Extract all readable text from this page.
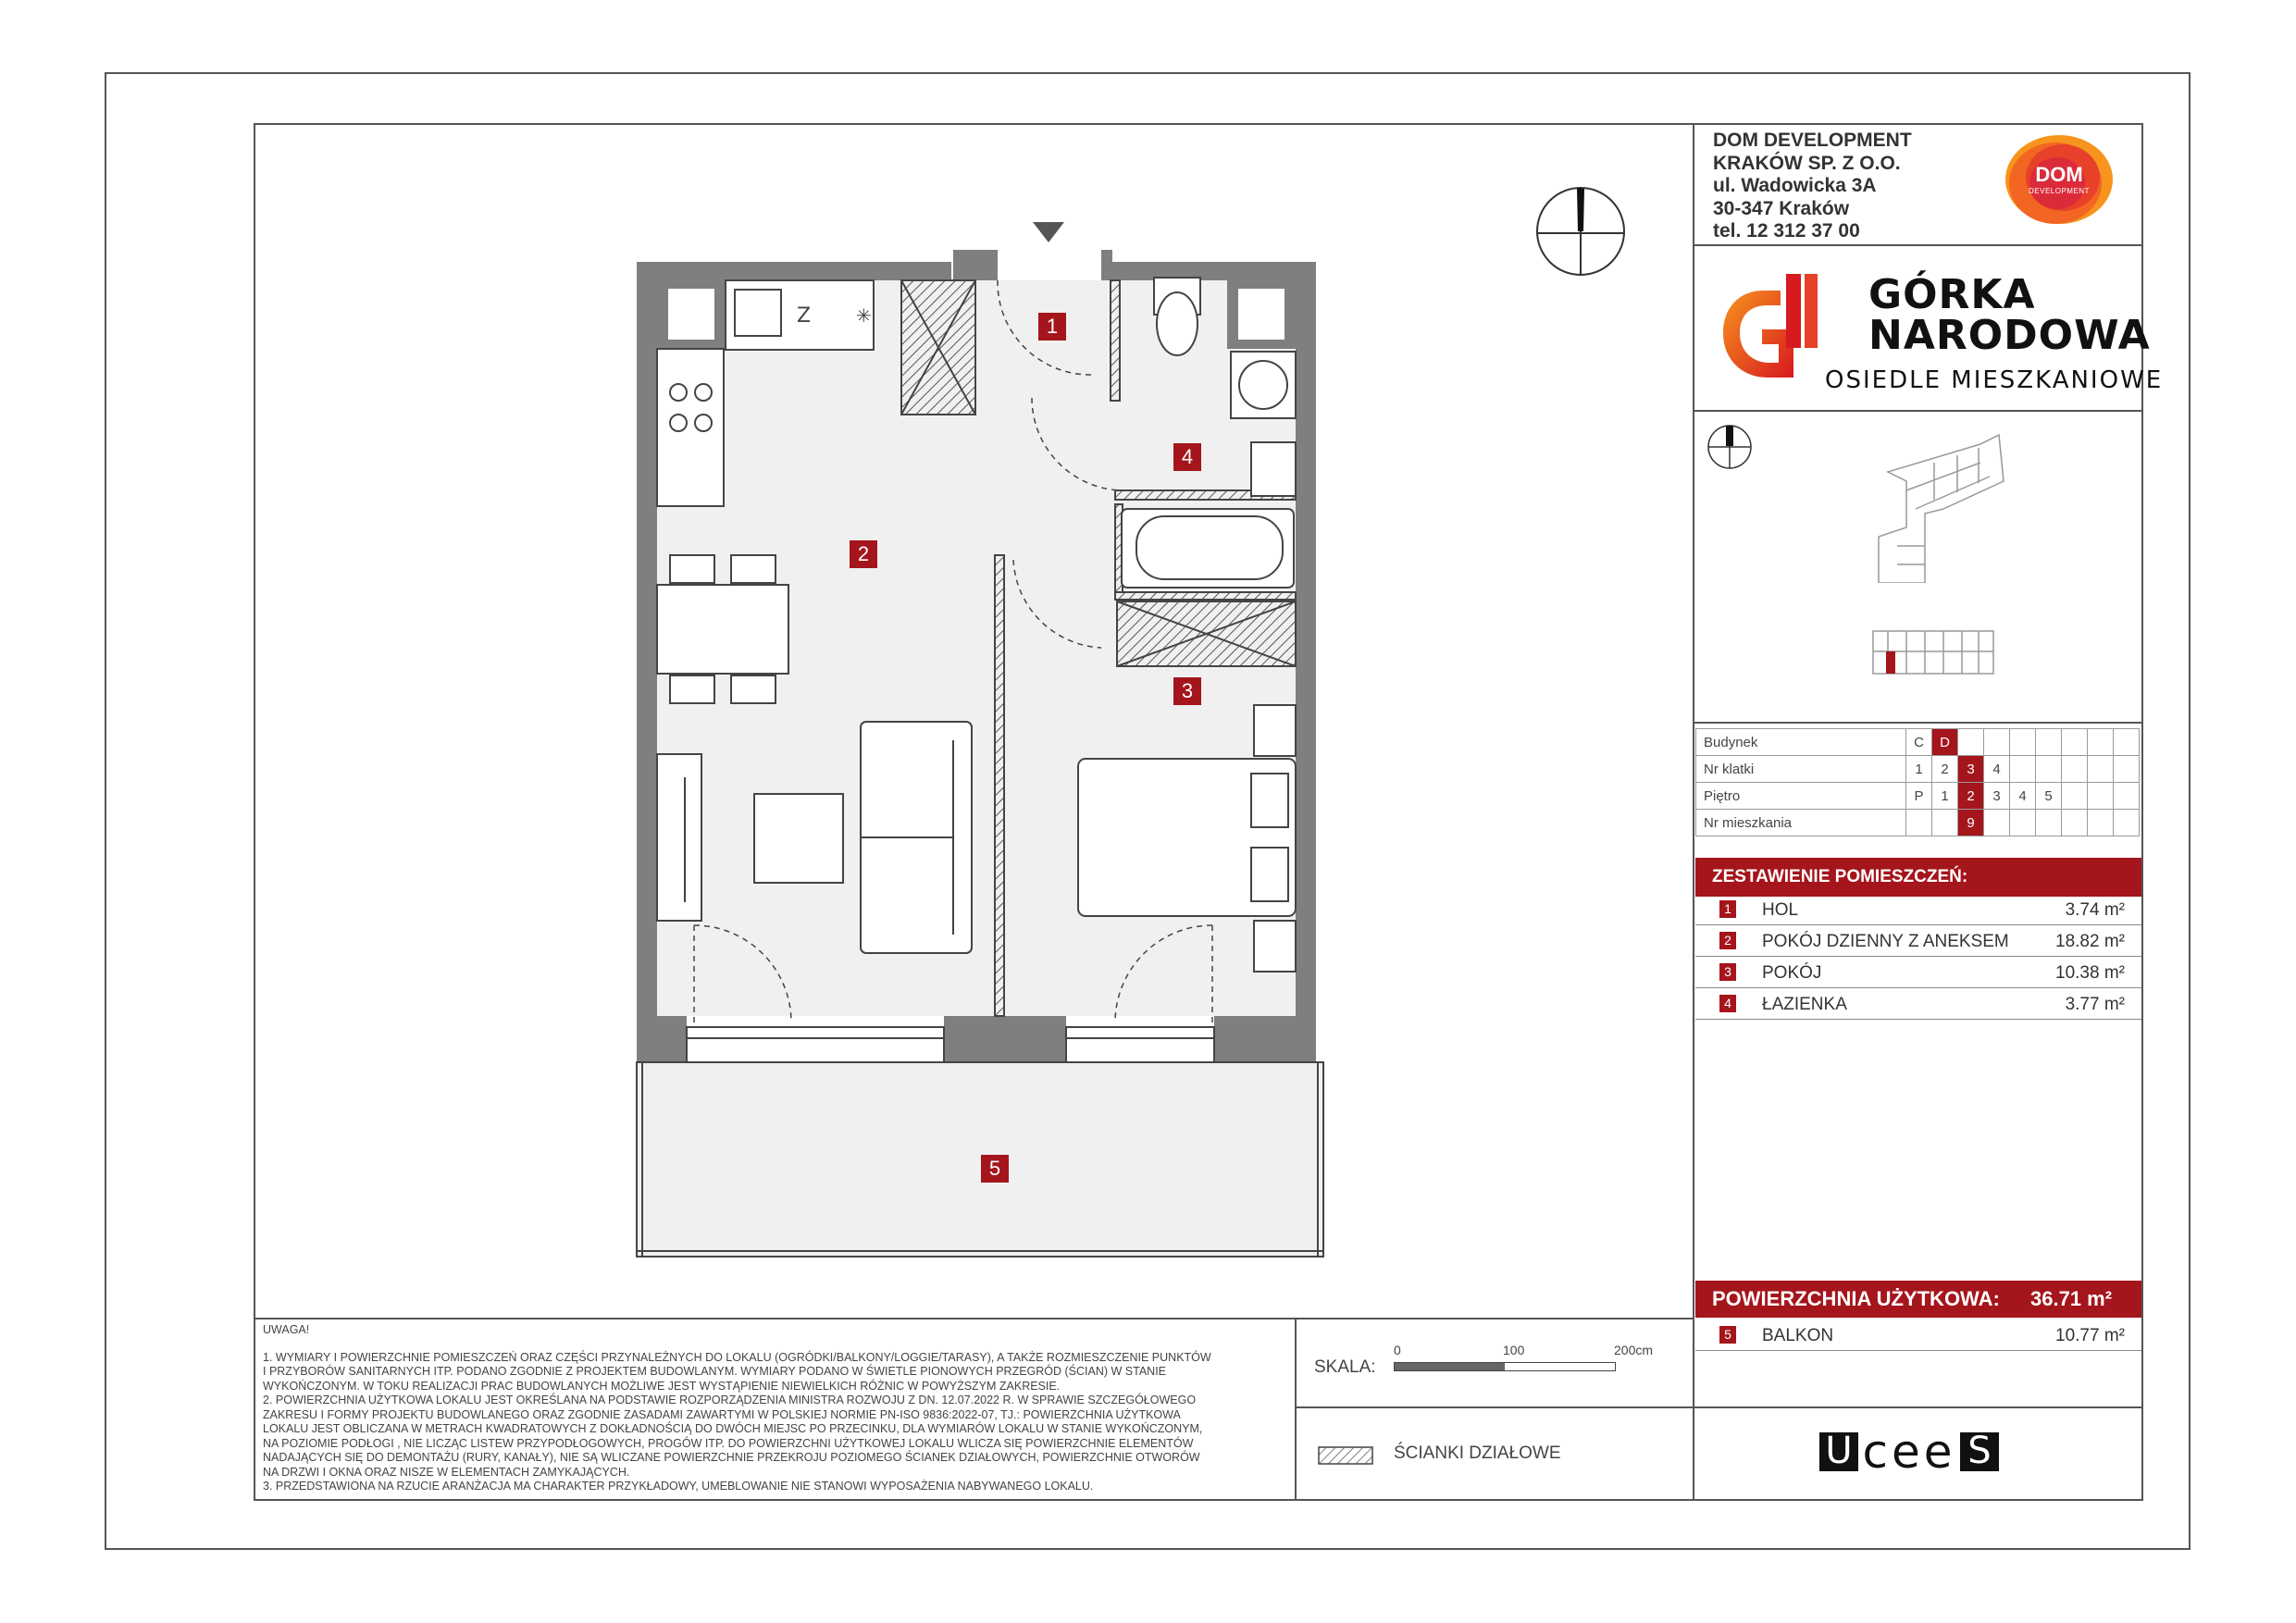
DOM DEVELOPMENT
KRAKÓW SP. Z O.O.
ul. Wadowicka 3A
30-347 Kraków
tel. 12 312 37 00
DOM
DEVELOPMENT
GÓRKA
NARODOWA
OSIEDLE MIESZKANIOWE
Budynek	C	D							
Nr klatki	1	2	3	4					
Piętro	P	1	2	3	4	5			
Nr mieszkania			9						
ZESTAWIENIE POMIESZCZEŃ:
1 HOL	3.74 m²
2 POKÓJ DZIENNY Z ANEKSEM	18.82 m²
3 POKÓJ	10.38 m²
4 ŁAZIENKA	3.77 m²
POWIERZCHNIA UŻYTKOWA: 36.71 m²
5 BALKON	10.77 m²
Z ✳	1
2
3
4
5
UWAGA!
1. WYMIARY I POWIERZCHNIE POMIESZCZEŃ ORAZ CZĘŚCI PRZYNALEŻNYCH DO LOKALU (OGRÓDKI/BALKONY/LOGGIE/TARASY), A TAKŻE ROZMIESZCZENIE PUNKTÓW
I PRZYBORÓW SANITARNYCH ITP. PODANO ZGODNIE Z PROJEKTEM BUDOWLANYM. WYMIARY PODANO W ŚWIETLE PIONOWYCH PRZEGRÓD (ŚCIAN) W STANIE
WYKOŃCZONYM. W TOKU REALIZACJI PRAC BUDOWLANYCH MOŻLIWE JEST WYSTĄPIENIE NIEWIELKICH RÓŻNIC W POWYŻSZYM ZAKRESIE.
2. POWIERZCHNIA UŻYTKOWA LOKALU JEST OKREŚLANA NA PODSTAWIE ROZPORZĄDZENIA MINISTRA ROZWOJU Z DN. 12.07.2022 R. W SPRAWIE SZCZEGÓŁOWEGO
ZAKRESU I FORMY PROJEKTU BUDOWLANEGO ORAZ ZGODNIE ZASADAMI ZAWARTYMI W POLSKIEJ NORMIE PN-ISO 9836:2022-07, TJ.: POWIERZCHNIA UŻYTKOWA
LOKALU JEST OBLICZANA W METRACH KWADRATOWYCH Z DOKŁADNOŚCIĄ DO DWÓCH MIEJSC PO PRZECINKU, DLA WYMIARÓW LOKALU W STANIE WYKOŃCZONYM,
NA POZIOMIE PODŁOGI , NIE LICZĄC LISTEW PRZYPODŁOGOWYCH, PROGÓW ITP. DO POWIERZCHNI UŻYTKOWEJ LOKALU WLICZA SIĘ POWIERZCHNIE ELEMENTÓW
NADAJĄCYCH SIĘ DO DEMONTAŻU (RURY, KANAŁY), NIE SĄ WLICZANE POWIERZCHNIE PRZEKROJU POZIOMEGO ŚCIANEK DZIAŁOWYCH, POWIERZCHNIE OTWORÓW
NA DRZWI I OKNA ORAZ NISZE W ELEMENTACH ZAMYKAJĄCYCH.
3. PRZEDSTAWIONA NA RZUCIE ARANŻACJA MA CHARAKTER PRZYKŁADOWY, UMEBLOWANIE NIE STANOWI WYPOSAŻENIA NABYWANEGO LOKALU.
SKALA:
0	100	200cm
ŚCIANKI DZIAŁOWE	U cee S
